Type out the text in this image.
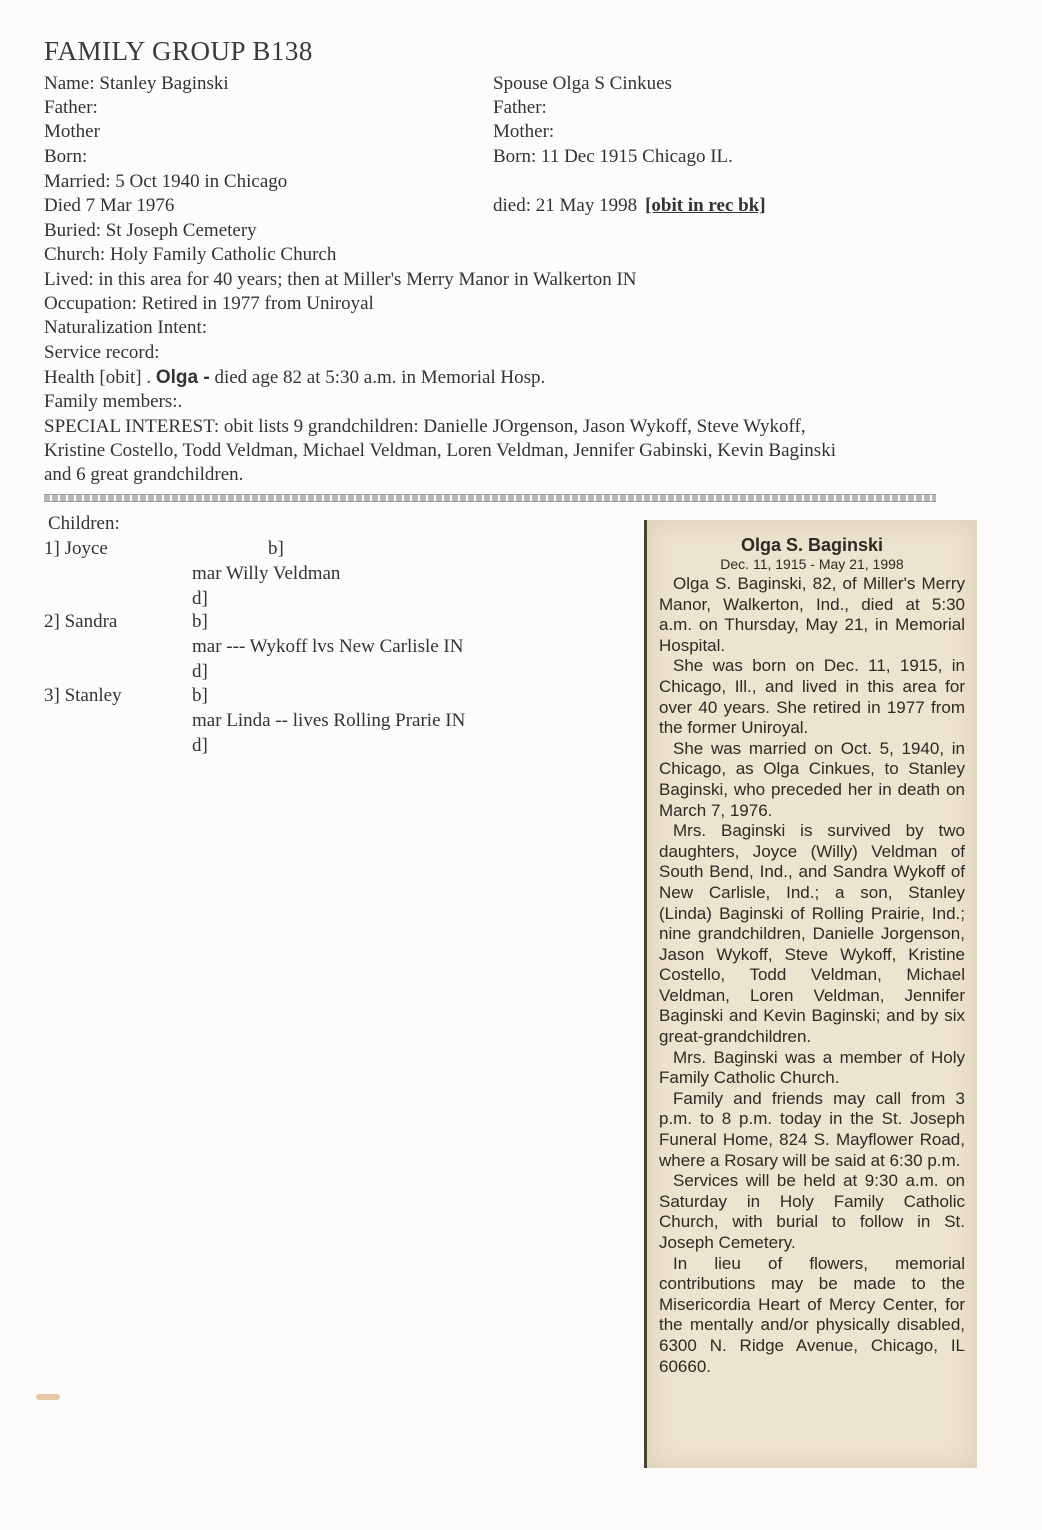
FAMILY GROUP B138
Name: Stanley Baginski
Father:
Mother
Born:
Married: 5 Oct 1940 in Chicago
Died 7 Mar 1976
Buried: St Joseph Cemetery
Church: Holy Family Catholic Church
Lived: in this area for 40 years; then at Miller's Merry Manor in Walkerton IN
Occupation: Retired in 1977 from Uniroyal
Naturalization Intent:
Service record:
Health [obit] . Olga - died age 82 at 5:30 a.m. in Memorial Hosp.
Family members:.
SPECIAL INTEREST: obit lists 9 grandchildren: Danielle JOrgenson, Jason Wykoff, Steve Wykoff,
Kristine Costello, Todd Veldman, Michael Veldman, Loren Veldman, Jennifer Gabinski, Kevin Baginski
and 6 great grandchildren.
Spouse Olga S Cinkues
Father:
Mother:
Born: 11 Dec 1915 Chicago IL.
died: 21 May 1998 [obit in rec bk]
Children:
1] Joyce	b]
mar Willy Veldman
d]
2] Sandra	b]
mar --- Wykoff lvs New Carlisle IN
d]
3] Stanley	b]
mar Linda -- lives Rolling Prarie IN
d]
Olga S. Baginski
Dec. 11, 1915 - May 21, 1998

Olga S. Baginski, 82, of Miller's Merry Manor, Walkerton, Ind., died at 5:30 a.m. on Thursday, May 21, in Memorial Hospital.

She was born on Dec. 11, 1915, in Chicago, Ill., and lived in this area for over 40 years. She retired in 1977 from the former Uniroyal.

She was married on Oct. 5, 1940, in Chicago, as Olga Cinkues, to Stanley Baginski, who preceded her in death on March 7, 1976.

Mrs. Baginski is survived by two daughters, Joyce (Willy) Veldman of South Bend, Ind., and Sandra Wykoff of New Carlisle, Ind.; a son, Stanley (Linda) Baginski of Rolling Prairie, Ind.; nine grandchildren, Danielle Jorgenson, Jason Wykoff, Steve Wykoff, Kristine Costello, Todd Veldman, Michael Veldman, Loren Veldman, Jennifer Baginski and Kevin Baginski; and by six great-grandchildren.

Mrs. Baginski was a member of Holy Family Catholic Church.

Family and friends may call from 3 p.m. to 8 p.m. today in the St. Joseph Funeral Home, 824 S. Mayflower Road, where a Rosary will be said at 6:30 p.m.

Services will be held at 9:30 a.m. on Saturday in Holy Family Catholic Church, with burial to follow in St. Joseph Cemetery.

In lieu of flowers, memorial contributions may be made to the Misericordia Heart of Mercy Center, for the mentally and/or physically disabled, 6300 N. Ridge Avenue, Chicago, IL 60660.
